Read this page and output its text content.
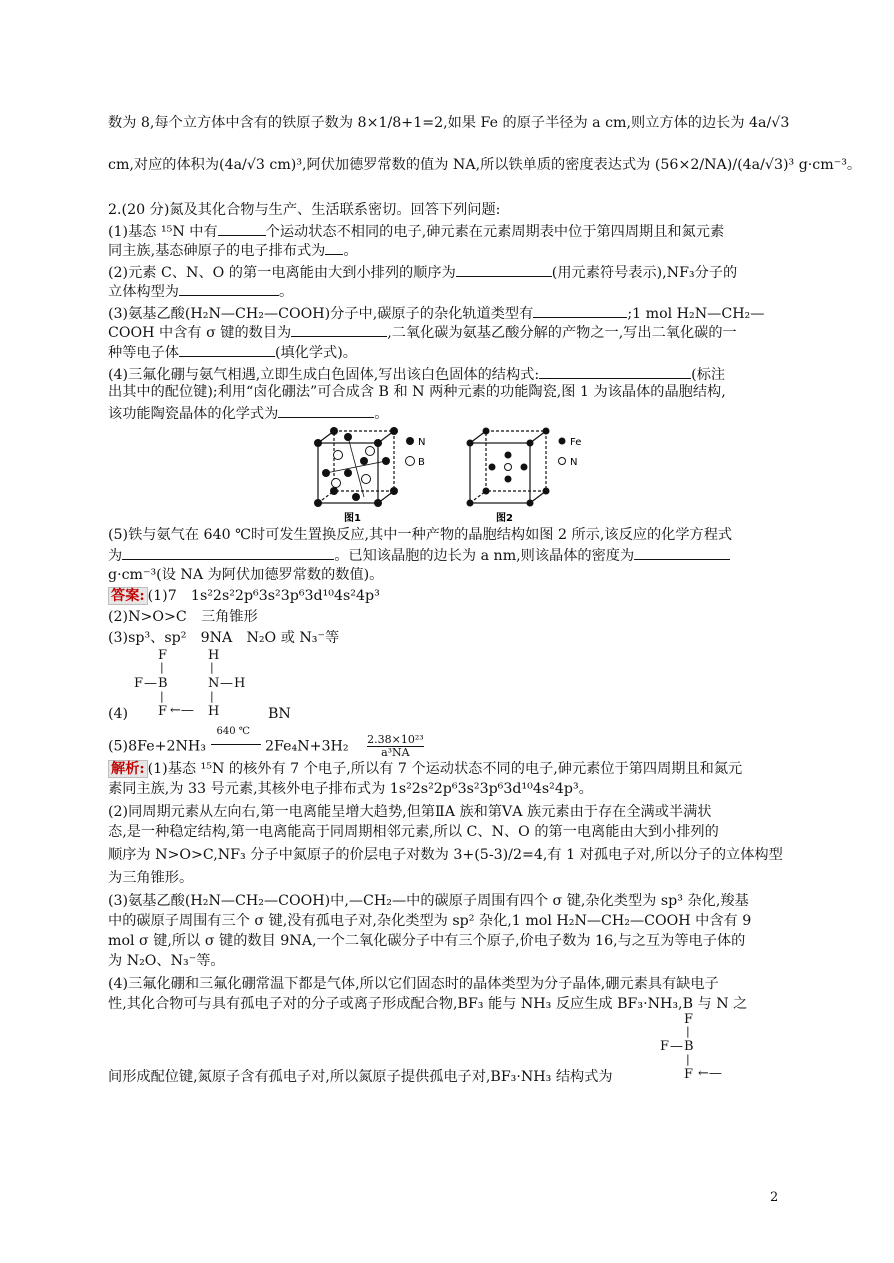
数为 8,每个立方体中含有的铁原子数为 8×1/8+1=2,如果 Fe 的原子半径为 a cm,则立方体的边长为 4a/√3
cm,对应的体积为(4a/√3 cm)³,阿伏加德罗常数的值为 NA,所以铁单质的密度表达式为 (56×2/NA)/(4a/√3)³ g·cm⁻³。
2.(20 分)氮及其化合物与生产、生活联系密切。回答下列问题:
(1)基态 ¹⁵N 中有	个运动状态不相同的电子,砷元素在元素周期表中位于第四周期且和氮元素
同主族,基态砷原子的电子排布式为 。
(2)元素 C、N、O 的第一电离能由大到小排列的顺序为	(用元素符号表示),NF₃分子的
立体构型为	。
(3)氨基乙酸(H₂N—CH₂—COOH)分子中,碳原子的杂化轨道类型有	;1 mol H₂N—CH₂—
COOH 中含有 σ 键的数目为	,二氧化碳为氨基乙酸分解的产物之一,写出二氧化碳的一
种等电子体	(填化学式)。
(4)三氟化硼与氨气相遇,立即生成白色固体,写出该白色固体的结构式:	(标注
出其中的配位键);利用“卤化硼法”可合成含 B 和 N 两种元素的功能陶瓷,图 1 为该晶体的晶胞结构,
该功能陶瓷晶体的化学式为	。
N
B
图1
Fe
N
图2
(5)铁与氨气在 640 ℃时可发生置换反应,其中一种产物的晶胞结构如图 2 所示,该反应的化学方程式
为	。已知该晶胞的边长为 a nm,则该晶体的密度为
g·cm⁻³(设 NA 为阿伏加德罗常数的数值)。
答案: (1)7　1s²2s²2p⁶3s²3p⁶3d¹⁰4s²4p³
(2)N>O>C　三角锥形
(3)sp³、sp²　9NA　N₂O 或 N₃⁻等
F
|
F — B
|
F ←—
H
|
N — H
|
H
(4)	BN
(5)8Fe+2NH₃
640 ℃
$2Fe_4N+3H_2 \frac{\text{2.38×10²³}}{\text{a³NA}}$
解析: (1)基态 ¹⁵N 的核外有 7 个电子,所以有 7 个运动状态不同的电子,砷元素位于第四周期且和氮元
素同主族,为 33 号元素,其核外电子排布式为 1s²2s²2p⁶3s²3p⁶3d¹⁰4s²4p³。
(2)同周期元素从左向右,第一电离能呈增大趋势,但第ⅡA 族和第ⅤA 族元素由于存在全满或半满状
态,是一种稳定结构,第一电离能高于同周期相邻元素,所以 C、N、O 的第一电离能由大到小排列的
顺序为 N>O>C,NF₃ 分子中氮原子的价层电子对数为 3+(5-3)/2=4,有 1 对孤电子对,所以分子的立体构型
为三角锥形。
(3)氨基乙酸(H₂N—CH₂—COOH)中,—CH₂—中的碳原子周围有四个 σ 键,杂化类型为 sp³ 杂化,羧基
中的碳原子周围有三个 σ 键,没有孤电子对,杂化类型为 sp² 杂化,1 mol H₂N—CH₂—COOH 中含有 9
mol σ 键,所以 σ 键的数目 9NA,一个二氧化碳分子中有三个原子,价电子数为 16,与之互为等电子体的
为 N₂O、N₃⁻等。
(4)三氟化硼和三氟化硼常温下都是气体,所以它们固态时的晶体类型为分子晶体,硼元素具有缺电子
性,其化合物可与具有孤电子对的分子或离子形成配合物,BF₃ 能与 NH₃ 反应生成 BF₃·NH₃,B 与 N 之
F
|
F — B
|
F ←—
间形成配位键,氮原子含有孤电子对,所以氮原子提供孤电子对,BF₃·NH₃ 结构式为
2
